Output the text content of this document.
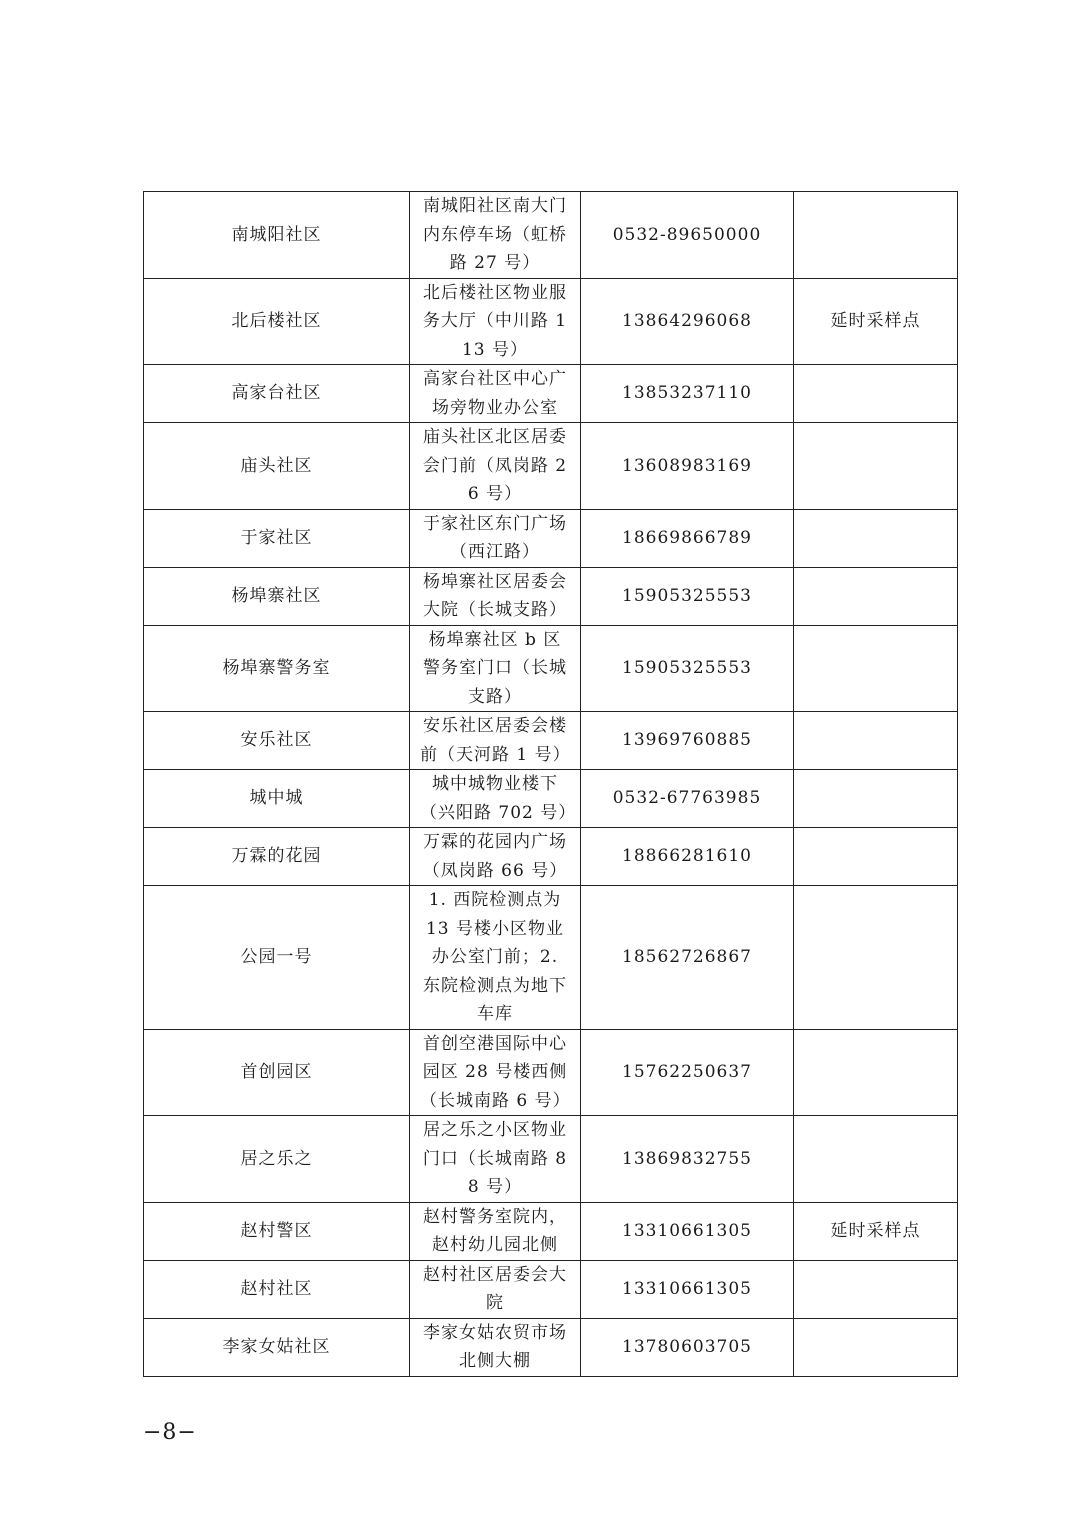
南城阳社区	南城阳社区南大门内东停车场（虹桥路 27 号）	0532-89650000	
北后楼社区	北后楼社区物业服务大厅（中川路 113 号）	13864296068	延时采样点
高家台社区	高家台社区中心广场旁物业办公室	13853237110	
庙头社区	庙头社区北区居委会门前（凤岗路 26 号）	13608983169	
于家社区	于家社区东门广场（西江路）	18669866789	
杨埠寨社区	杨埠寨社区居委会大院（长城支路）	15905325553	
杨埠寨警务室	杨埠寨社区 b 区警务室门口（长城支路）	15905325553	
安乐社区	安乐社区居委会楼前（天河路 1 号）	13969760885	
城中城	城中城物业楼下（兴阳路 702 号）	0532-67763985	
万霖的花园	万霖的花园内广场（凤岗路 66 号）	18866281610	
公园一号	1. 西院检测点为 13 号楼小区物业办公室门前；2. 东院检测点为地下车库	18562726867	
首创园区	首创空港国际中心园区 28 号楼西侧（长城南路 6 号）	15762250637	
居之乐之	居之乐之小区物业门口（长城南路 88 号）	13869832755	
赵村警区	赵村警务室院内，赵村幼儿园北侧	13310661305	延时采样点
赵村社区	赵村社区居委会大院	13310661305	
李家女姑社区	李家女姑农贸市场北侧大棚	13780603705	
−8−
